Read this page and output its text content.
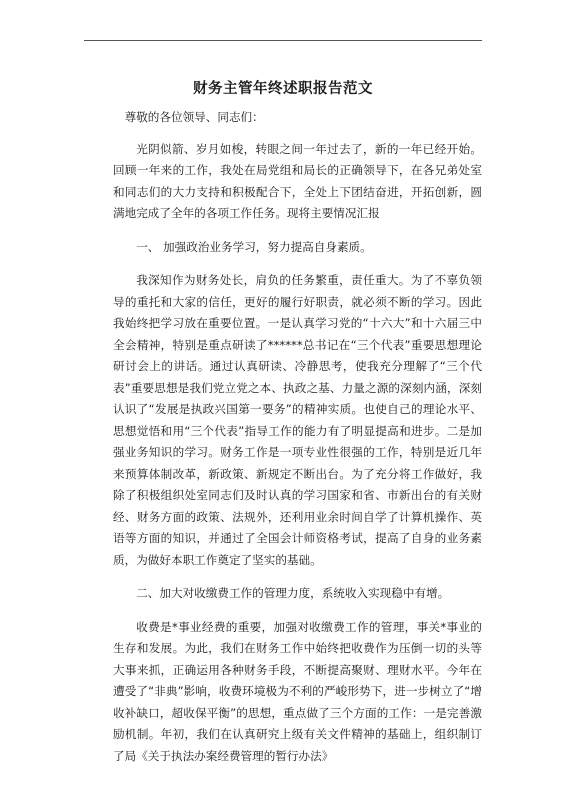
财务主管年终述职报告范文

尊敬的各位领导、同志们：

光阴似箭、岁月如梭，转眼之间一年过去了，新的一年已经开始。回顾一年来的工作，我处在局党组和局长的正确领导下，在各兄弟处室和同志们的大力支持和积极配合下，全处上下团结奋进，开拓创新，圆满地完成了全年的各项工作任务。现将主要情况汇报

一、 加强政治业务学习，努力提高自身素质。

我深知作为财务处长，肩负的任务繁重，责任重大。为了不辜负领导的重托和大家的信任，更好的履行好职责，就必须不断的学习。因此我始终把学习放在重要位置。一是认真学习党的“十六大”和十六届三中全会精神，特别是重点研读了******总书记在“三个代表”重要思想理论研讨会上的讲话。通过认真研读、冷静思考，使我充分理解了“三个代表”重要思想是我们党立党之本、执政之基、力量之源的深刻内涵，深刻认识了“发展是执政兴国第一要务”的精神实质。也使自己的理论水平、思想觉悟和用“三个代表”指导工作的能力有了明显提高和进步。二是加强业务知识的学习。财务工作是一项专业性很强的工作，特别是近几年来预算体制改革，新政策、新规定不断出台。为了充分将工作做好，我除了积极组织处室同志们及时认真的学习国家和省、市新出台的有关财经、财务方面的政策、法规外，还利用业余时间自学了计算机操作、英语等方面的知识，并通过了全国会计师资格考试，提高了自身的业务素质，为做好本职工作奠定了坚实的基础。

二、加大对收缴费工作的管理力度，系统收入实现稳中有增。

收费是*事业经费的重要，加强对收缴费工作的管理，事关*事业的生存和发展。为此，我们在财务工作中始终把收费作为压倒一切的头等大事来抓，正确运用各种财务手段，不断提高聚财、理财水平。今年在遭受了“非典”影响，收费环境极为不利的严峻形势下，进一步树立了“增收补缺口，超收保平衡”的思想，重点做了三个方面的工作：一是完善激励机制。年初，我们在认真研究上级有关文件精神的基础上，组织制订了局《关于执法办案经费管理的暂行办法》
